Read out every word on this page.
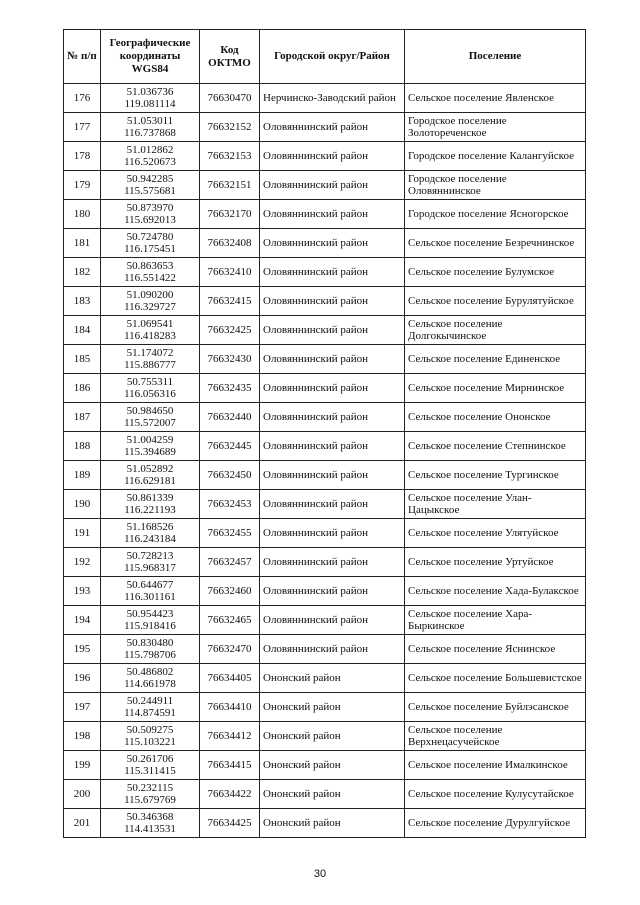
№ п/п	Географические координаты WGS84	Код ОКТМО	Городской округ/Район	Поселение
176	51.036736
119.081114	76630470	Нерчинско-Заводский район	Сельское поселение Явленское
177	51.053011
116.737868	76632152	Оловяннинский район	Городское поселение Золотореченское
178	51.012862
116.520673	76632153	Оловяннинский район	Городское поселение Калангуйское
179	50.942285
115.575681	76632151	Оловяннинский район	Городское поселение Оловяннинское
180	50.873970
115.692013	76632170	Оловяннинский район	Городское поселение Ясногорское
181	50.724780
116.175451	76632408	Оловяннинский район	Сельское поселение Безречнинское
182	50.863653
116.551422	76632410	Оловяннинский район	Сельское поселение Булумское
183	51.090200
116.329727	76632415	Оловяннинский район	Сельское поселение Бурулятуйское
184	51.069541
116.418283	76632425	Оловяннинский район	Сельское поселение Долгокычинское
185	51.174072
115.886777	76632430	Оловяннинский район	Сельское поселение Единенское
186	50.755311
116.056316	76632435	Оловяннинский район	Сельское поселение Мирнинское
187	50.984650
115.572007	76632440	Оловяннинский район	Сельское поселение Ононское
188	51.004259
115.394689	76632445	Оловяннинский район	Сельское поселение Степнинское
189	51.052892
116.629181	76632450	Оловяннинский район	Сельское поселение Тургинское
190	50.861339
116.221193	76632453	Оловяннинский район	Сельское поселение Улан-Цацыкское
191	51.168526
116.243184	76632455	Оловяннинский район	Сельское поселение Улятуйское
192	50.728213
115.968317	76632457	Оловяннинский район	Сельское поселение Уртуйское
193	50.644677
116.301161	76632460	Оловяннинский район	Сельское поселение Хада-Булакское
194	50.954423
115.918416	76632465	Оловяннинский район	Сельское поселение Хара-Быркинское
195	50.830480
115.798706	76632470	Оловяннинский район	Сельское поселение Яснинское
196	50.486802
114.661978	76634405	Ононский район	Сельское поселение Большевистское
197	50.244911
114.874591	76634410	Ононский район	Сельское поселение Буйлэсанское
198	50.509275
115.103221	76634412	Ононский район	Сельское поселение Верхнецасучейское
199	50.261706
115.311415	76634415	Ононский район	Сельское поселение Ималкинское
200	50.232115
115.679769	76634422	Ононский район	Сельское поселение Кулусутайское
201	50.346368
114.413531	76634425	Ононский район	Сельское поселение Дурулгуйское
30
